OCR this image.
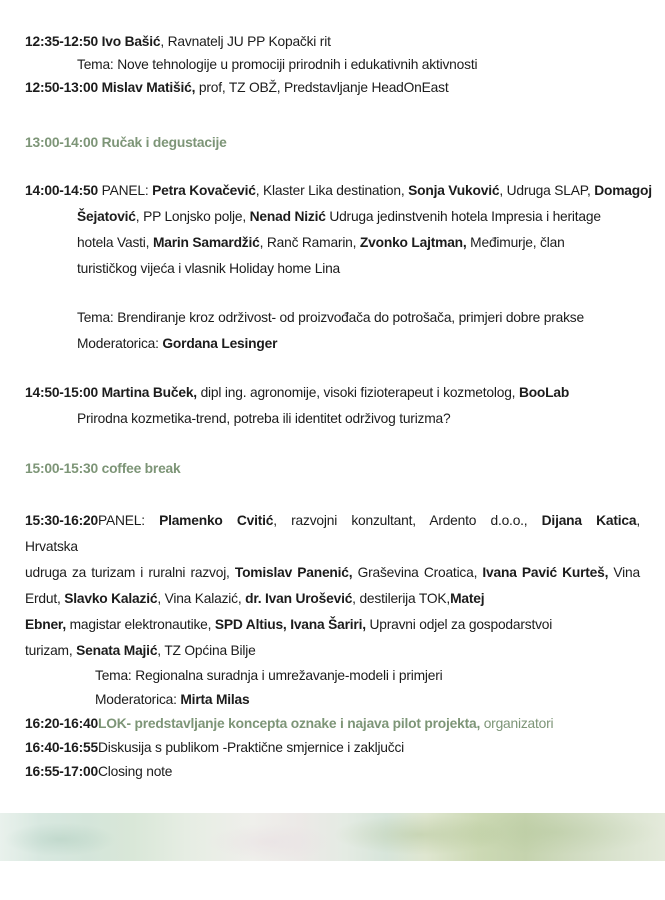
12:35-12:50 Ivo Bašić, Ravnatelj JU PP Kopački rit
Tema: Nove tehnologije u promociji prirodnih i edukativnih aktivnosti
12:50-13:00 Mislav Matišić, prof, TZ OBŽ, Predstavljanje HeadOnEast
13:00-14:00 Ručak i degustacije
14:00-14:50 PANEL: Petra Kovačević, Klaster Lika destination, Sonja Vuković, Udruga SLAP, Domagoj
Šejatović, PP Lonjsko polje, Nenad Nizić Udruga jedinstvenih hotela Impresia i heritage
hotela Vasti, Marin Samardžić, Ranč Ramarin, Zvonko Lajtman, Međimurje, član
turističkog vijeća i vlasnik Holiday home Lina
Tema: Brendiranje kroz održivost- od proizvođača do potrošača, primjeri dobre prakse
Moderatorica: Gordana Lesinger
14:50-15:00 Martina Buček, dipl ing. agronomije, visoki fizioterapeut i kozmetolog, BooLab
Prirodna kozmetika-trend, potreba ili identitet održivog turizma?
15:00-15:30 coffee break
15:30-16:20PANEL: Plamenko Cvitić, razvojni konzultant, Ardento d.o.o., Dijana Katica,
Hrvatska
udruga za turizam i ruralni razvoj, Tomislav Panenić, Graševina Croatica, Ivana Pavić Kurteš, Vina
Erdut, Slavko Kalazić, Vina Kalazić, dr. Ivan Urošević, destilerija TOK,Matej
Ebner, magistar elektronautike, SPD Altius, Ivana Šariri, Upravni odjel za gospodarstvoi
turizam, Senata Majić, TZ Općina Bilje
Tema: Regionalna suradnja i umrežavanje-modeli i primjeri
Moderatorica: Mirta Milas
16:20-16:40LOK- predstavljanje koncepta oznake i najava pilot projekta, organizatori
16:40-16:55Diskusija s publikom -Praktične smjernice i zaključci
16:55-17:00Closing note
